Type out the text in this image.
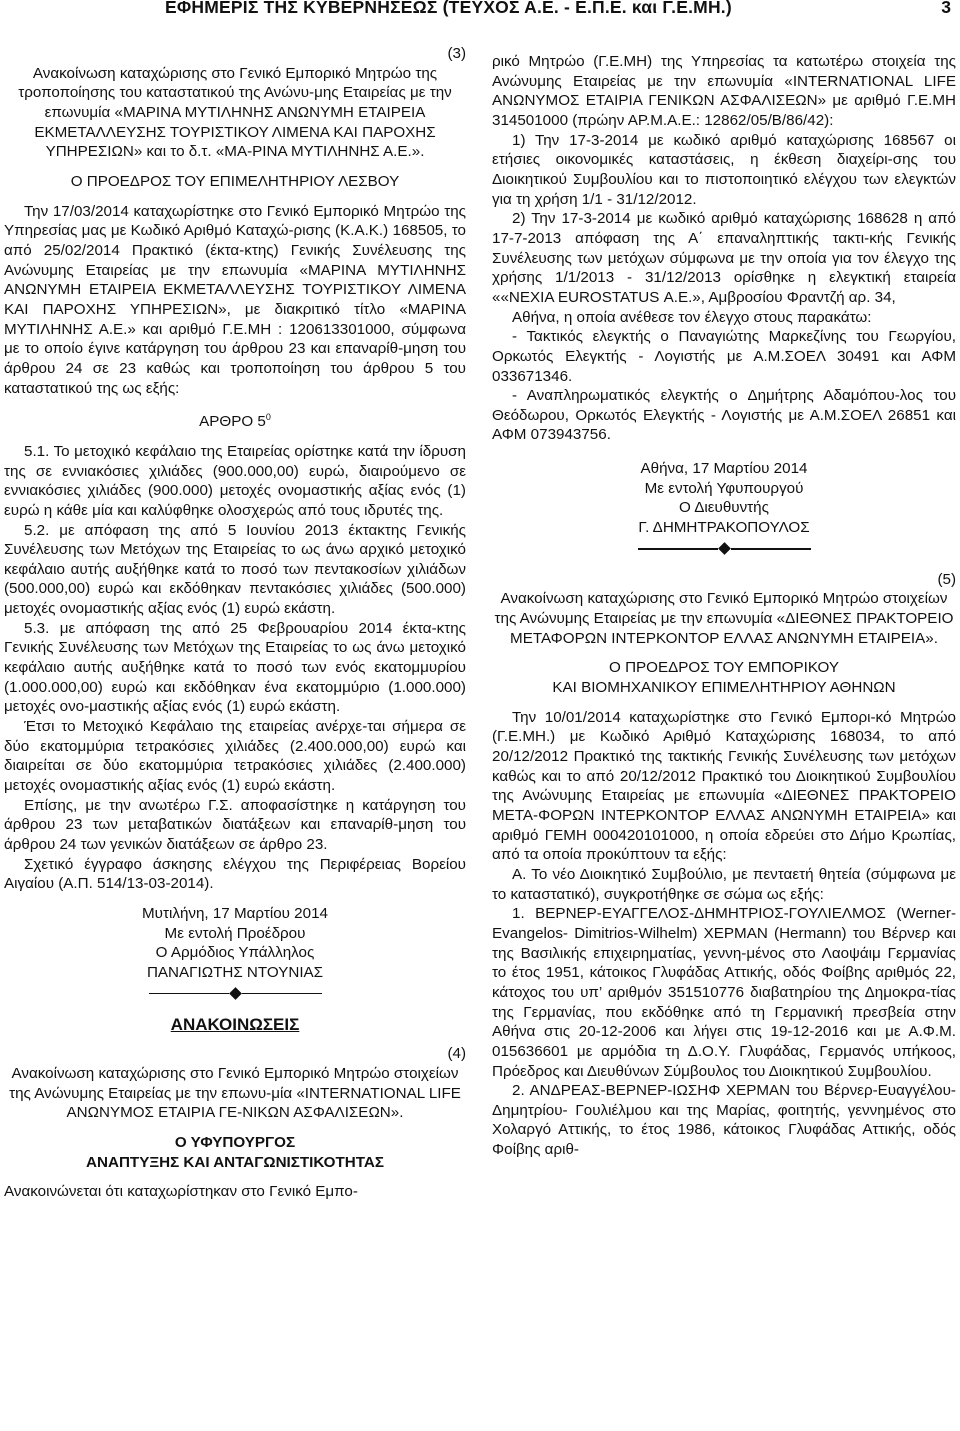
ΕΦΗΜΕΡΙΣ ΤΗΣ ΚΥΒΕΡΝΗΣΕΩΣ (ΤΕΥΧΟΣ Α.Ε. - Ε.Π.Ε. και Γ.Ε.ΜΗ.)	3

(3)

Ανακοίνωση καταχώρισης στο Γενικό Εμπορικό Μητρώο της τροποποίησης του καταστατικού της Ανώνυ-μης Εταιρείας με την επωνυμία «ΜΑΡΙΝΑ ΜΥΤΙΛΗΝΗΣ ΑΝΩΝΥΜΗ ΕΤΑΙΡΕΙΑ ΕΚΜΕΤΑΛΛΕΥΣΗΣ ΤΟΥΡΙΣΤΙΚΟΥ ΛΙΜΕΝΑ ΚΑΙ ΠΑΡΟΧΗΣ ΥΠΗΡΕΣΙΩΝ» και το δ.τ. «ΜΑ-ΡΙΝΑ ΜΥΤΙΛΗΝΗΣ Α.Ε.».

Ο ΠΡΟΕΔΡΟΣ ΤΟΥ ΕΠΙΜΕΛΗΤΗΡΙΟΥ ΛΕΣΒΟΥ

Την 17/03/2014 καταχωρίστηκε στο Γενικό Εμπορικό Μητρώο της Υπηρεσίας μας με Κωδικό Αριθμό Καταχώ-ρισης (Κ.Α.Κ.) 168505, το από 25/02/2014 Πρακτικό (έκτα-κτης) Γενικής Συνέλευσης της Ανώνυμης Εταιρείας με την επωνυμία «ΜΑΡΙΝΑ ΜΥΤΙΛΗΝΗΣ ΑΝΩΝΥΜΗ ΕΤΑΙΡΕΙΑ ΕΚΜΕΤΑΛΛΕΥΣΗΣ ΤΟΥΡΙΣΤΙΚΟΥ ΛΙΜΕΝΑ ΚΑΙ ΠΑΡΟΧΗΣ ΥΠΗΡΕΣΙΩΝ», με διακριτικό τίτλο «ΜΑΡΙΝΑ ΜΥΤΙΛΗΝΗΣ Α.Ε.» και αριθμό Γ.Ε.ΜΗ : 120613301000, σύμφωνα με το οποίο έγινε κατάργηση του άρθρου 23 και επαναρίθ-μηση του άρθρου 24 σε 23 καθώς και τροποποίηση του άρθρου 5 του καταστατικού της ως εξής:

ΑΡΘΡΟ $5^0$

5.1. Το μετοχικό κεφάλαιο της Εταιρείας ορίστηκε κατά την ίδρυση της σε εννιακόσιες χιλιάδες (900.000,00) ευρώ, διαιρούμενο σε εννιακόσιες χιλιάδες (900.000) μετοχές ονομαστικής αξίας ενός (1) ευρώ η κάθε μία και καλύφθηκε ολοσχερώς από τους ιδρυτές της.

5.2. με απόφαση της από 5 Ιουνίου 2013 έκτακτης Γενικής Συνέλευσης των Μετόχων της Εταιρείας το ως άνω αρχικό μετοχικό κεφάλαιο αυτής αυξήθηκε κατά το ποσό των πεντακοσίων χιλιάδων (500.000,00) ευρώ και εκδόθηκαν πεντακόσιες χιλιάδες (500.000) μετοχές ονομαστικής αξίας ενός (1) ευρώ εκάστη.

5.3. με απόφαση της από 25 Φεβρουαρίου 2014 έκτα-κτης Γενικής Συνέλευσης των Μετόχων της Εταιρείας το ως άνω μετοχικό κεφάλαιο αυτής αυξήθηκε κατά το ποσό των ενός εκατομμυρίου (1.000.000,00) ευρώ και εκδόθηκαν ένα εκατομμύριο (1.000.000) μετοχές ονο-μαστικής αξίας ενός (1) ευρώ εκάστη.

Έτσι το Μετοχικό Κεφάλαιο της εταιρείας ανέρχε-ται σήμερα σε δύο εκατομμύρια τετρακόσιες χιλιάδες (2.400.000,00) ευρώ και διαιρείται σε δύο εκατομμύρια τετρακόσιες χιλιάδες (2.400.000) μετοχές ονομαστικής αξίας ενός (1) ευρώ εκάστη.

Επίσης, με την ανωτέρω Γ.Σ. αποφασίστηκε η κατάργηση του άρθρου 23 των μεταβατικών διατάξεων και επαναρίθ-μηση του άρθρου 24 των γενικών διατάξεων σε άρθρο 23.

Σχετικό έγγραφο άσκησης ελέγχου της Περιφέρειας Βορείου Αιγαίου (Α.Π. 514/13-03-2014).

Μυτιλήνη, 17 Μαρτίου 2014

Με εντολή Προέδρου

Ο Αρμόδιος Υπάλληλος

ΠΑΝΑΓΙΩΤΗΣ ΝΤΟΥΝΙΑΣ

ΑΝΑΚΟΙΝΩΣΕΙΣ

(4)

Ανακοίνωση καταχώρισης στο Γενικό Εμπορικό Μητρώο στοιχείων της Ανώνυμης Εταιρείας με την επωνυ-μία «INTERNATIONAL LIFE ΑΝΩΝΥΜΟΣ ΕΤΑΙΡΙΑ ΓΕ-ΝΙΚΩΝ ΑΣΦΑΛΙΣΕΩΝ».

Ο ΥΦΥΠΟΥΡΓΟΣ

ΑΝΑΠΤΥΞΗΣ ΚΑΙ ΑΝΤΑΓΩΝΙΣΤΙΚΟΤΗΤΑΣ

Ανακοινώνεται ότι καταχωρίστηκαν στο Γενικό Εμπο-

ρικό Μητρώο (Γ.Ε.ΜΗ) της Υπηρεσίας τα κατωτέρω στοιχεία της Ανώνυμης Εταιρείας με την επωνυμία «INTERNATIONAL LIFE ΑΝΩΝΥΜΟΣ ΕΤΑΙΡΙΑ ΓΕΝΙΚΩΝ ΑΣΦΑΛΙΣΕΩΝ» με αριθμό Γ.Ε.ΜΗ 314501000 (πρώην ΑΡ.Μ.Α.Ε.: 12862/05/Β/86/42):

1) Την 17-3-2014 με κωδικό αριθμό καταχώρισης 168567 οι ετήσιες οικονομικές καταστάσεις, η έκθεση διαχείρι-σης του Διοικητικού Συμβουλίου και το πιστοποιητικό ελέγχου των ελεγκτών για τη χρήση 1/1 - 31/12/2012.

2) Την 17-3-2014 με κωδικό αριθμό καταχώρισης 168628 η από 17-7-2013 απόφαση της Α΄ επαναληπτικής τακτι-κής Γενικής Συνέλευσης των μετόχων σύμφωνα με την οποία για τον έλεγχο της χρήσης 1/1/2013 - 31/12/2013 ορίσθηκε η ελεγκτική εταιρεία ««NEXIA EUROSTATUS Α.Ε.», Αμβροσίου Φραντζή αρ. 34,

Αθήνα, η οποία ανέθεσε τον έλεγχο στους παρακάτω:

- Τακτικός ελεγκτής ο Παναγιώτης Μαρκεζίνης του Γεωργίου, Ορκωτός Ελεγκτής - Λογιστής με Α.Μ.ΣΟΕΛ 30491 και ΑΦΜ 033671346.

- Αναπληρωματικός ελεγκτής ο Δημήτρης Αδαμόπου-λος του Θεόδωρου, Ορκωτός Ελεγκτής - Λογιστής με Α.Μ.ΣΟΕΛ 26851 και ΑΦΜ 073943756.

Αθήνα, 17 Μαρτίου 2014

Με εντολή Υφυπουργού

Ο Διευθυντής

Γ. ΔΗΜΗΤΡΑΚΟΠΟΥΛΟΣ

(5)

Ανακοίνωση καταχώρισης στο Γενικό Εμπορικό Μητρώο στοιχείων της Ανώνυμης Εταιρείας με την επωνυμία «ΔΙΕΘΝΕΣ ΠΡΑΚΤΟΡΕΙΟ ΜΕΤΑΦΟΡΩΝ ΙΝΤΕΡΚΟΝΤΟΡ ΕΛΛΑΣ ΑΝΩΝΥΜΗ ΕΤΑΙΡΕΙΑ».

Ο ΠΡΟΕΔΡΟΣ ΤΟΥ ΕΜΠΟΡΙΚΟΥ

ΚΑΙ ΒΙΟΜΗΧΑΝΙΚΟΥ ΕΠΙΜΕΛΗΤΗΡΙΟΥ ΑΘΗΝΩΝ

Την 10/01/2014 καταχωρίστηκε στο Γενικό Εμπορι-κό Μητρώο (Γ.Ε.ΜΗ.) με Κωδικό Αριθμό Καταχώρισης 168034, το από 20/12/2012 Πρακτικό της τακτικής Γενικής Συνέλευσης των μετόχων καθώς και το από 20/12/2012 Πρακτικό του Διοικητικού Συμβουλίου της Ανώνυμης Εταιρείας με επωνυμία «ΔΙΕΘΝΕΣ ΠΡΑΚΤΟΡΕΙΟ ΜΕΤΑ-ΦΟΡΩΝ ΙΝΤΕΡΚΟΝΤΟΡ ΕΛΛΑΣ ΑΝΩΝΥΜΗ ΕΤΑΙΡΕΙΑ» και αριθμό ΓΕΜΗ 000420101000, η οποία εδρεύει στο Δήμο Κρωπίας, από τα οποία προκύπτουν τα εξής:

Α. Το νέο Διοικητικό Συμβούλιο, με πενταετή θητεία (σύμφωνα με το καταστατικό), συγκροτήθηκε σε σώμα ως εξής:

1. ΒΕΡΝΕΡ-ΕΥΑΓΓΕΛΟΣ-ΔΗΜΗΤΡΙΟΣ-ΓΟΥΛΙΕΛΜΟΣ (Werner-Evangelos- Dimitrios-Wilhelm) ΧΕΡΜΑΝ (Hermann) του Βέρνερ και της Βασιλικής επιχειρηματίας, γεννη-μένος στο Λαοψάιμ Γερμανίας το έτος 1951, κάτοικος Γλυφάδας Αττικής, οδός Φοίβης αριθμός 22, κάτοχος του υπ’ αριθμόν 351510776 διαβατηρίου της Δημοκρα-τίας της Γερμανίας, που εκδόθηκε από τη Γερμανική πρεσβεία στην Αθήνα στις 20-12-2006 και λήγει στις 19-12-2016 και με Α.Φ.Μ. 015636601 με αρμόδια τη Δ.Ο.Υ. Γλυφάδας, Γερμανός υπήκοος, Πρόεδρος και Διευθύνων Σύμβουλος του Διοικητικού Συμβουλίου.

2. ΑΝΔΡΕΑΣ-ΒΕΡΝΕΡ-ΙΩΣΗΦ ΧΕΡΜΑΝ του Βέρνερ-Ευαγγέλου-Δημητρίου- Γουλιέλμου και της Μαρίας, φοιτητής, γεννημένος στο Χολαργό Αττικής, το έτος 1986, κάτοικος Γλυφάδας Αττικής, οδός Φοίβης αριθ-
